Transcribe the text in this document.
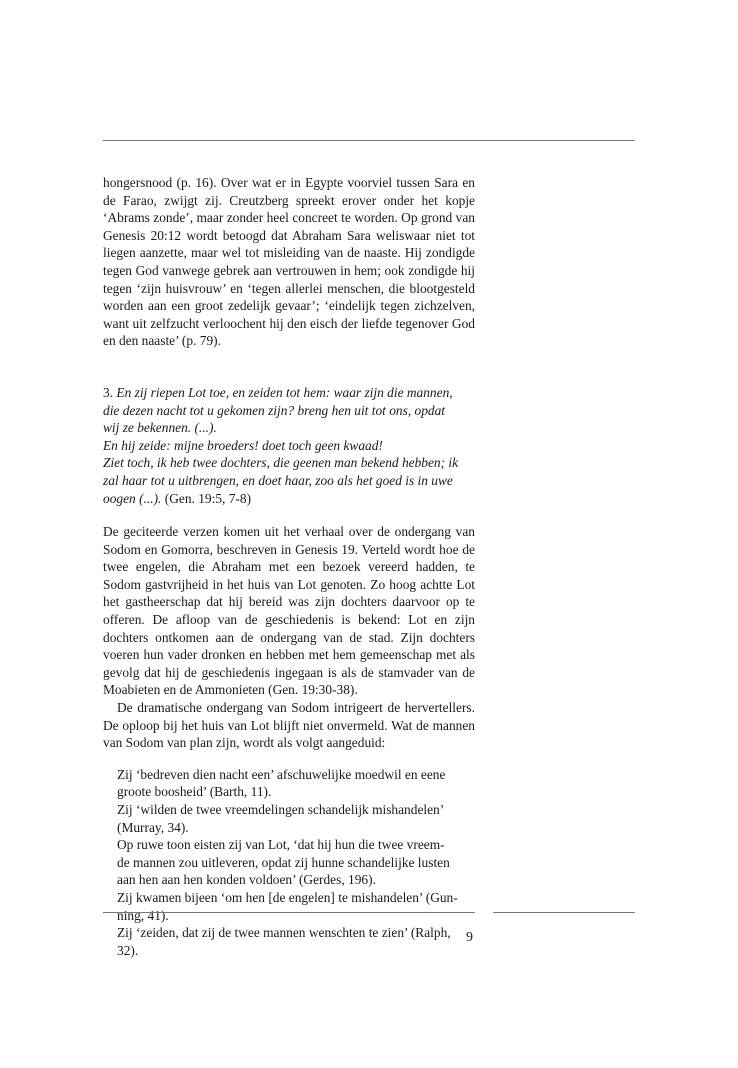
hongersnood (p. 16). Over wat er in Egypte voorviel tussen Sara en de Farao, zwijgt zij. Creutzberg spreekt erover onder het kopje ‘Abrams zonde’, maar zonder heel concreet te worden. Op grond van Genesis 20:12 wordt betoogd dat Abraham Sara weliswaar niet tot liegen aanzette, maar wel tot misleiding van de naaste. Hij zondigde tegen God vanwege gebrek aan vertrouwen in hem; ook zondigde hij tegen ‘zijn huisvrouw’ en ‘tegen allerlei menschen, die blootgesteld worden aan een groot zedelijk gevaar’; ‘eindelijk tegen zichzelven, want uit zelfzucht verloochent hij den eisch der liefde tegenover God en den naaste’ (p. 79).

3. En zij riepen Lot toe, en zeiden tot hem: waar zijn die mannen,
die dezen nacht tot u gekomen zijn? breng hen uit tot ons, opdat
wij ze bekennen. (...).
En hij zeide: mijne broeders! doet toch geen kwaad!
Ziet toch, ik heb twee dochters, die geenen man bekend hebben; ik
zal haar tot u uitbrengen, en doet haar, zoo als het goed is in uwe
oogen (...). (Gen. 19:5, 7-8)

De geciteerde verzen komen uit het verhaal over de ondergang van Sodom en Gomorra, beschreven in Genesis 19. Verteld wordt hoe de twee engelen, die Abraham met een bezoek vereerd hadden, te Sodom gastvrijheid in het huis van Lot genoten. Zo hoog achtte Lot het gastheerschap dat hij bereid was zijn dochters daarvoor op te offeren. De afloop van de geschiedenis is bekend: Lot en zijn dochters ontkomen aan de ondergang van de stad. Zijn dochters voeren hun vader dronken en hebben met hem gemeenschap met als gevolg dat hij de geschiedenis ingegaan is als de stamvader van de Moabieten en de Ammonieten (Gen. 19:30-38).

De dramatische ondergang van Sodom intrigeert de hervertellers. De oploop bij het huis van Lot blijft niet onvermeld. Wat de mannen van Sodom van plan zijn, wordt als volgt aangeduid:

Zij ‘bedreven dien nacht een’ afschuwelijke moedwil en eene
groote boosheid’ (Barth, 11).
Zij ‘wilden de twee vreemdelingen schandelijk mishandelen’
(Murray, 34).
Op ruwe toon eisten zij van Lot, ‘dat hij hun die twee vreem-
de mannen zou uitleveren, opdat zij hunne schandelijke lusten
aan hen aan hen konden voldoen’ (Gerdes, 196).
Zij kwamen bijeen ‘om hen [de engelen] te mishandelen’ (Gun-
ning, 41).
Zij ‘zeiden, dat zij de twee mannen wenschten te zien’ (Ralph,
32).
9
